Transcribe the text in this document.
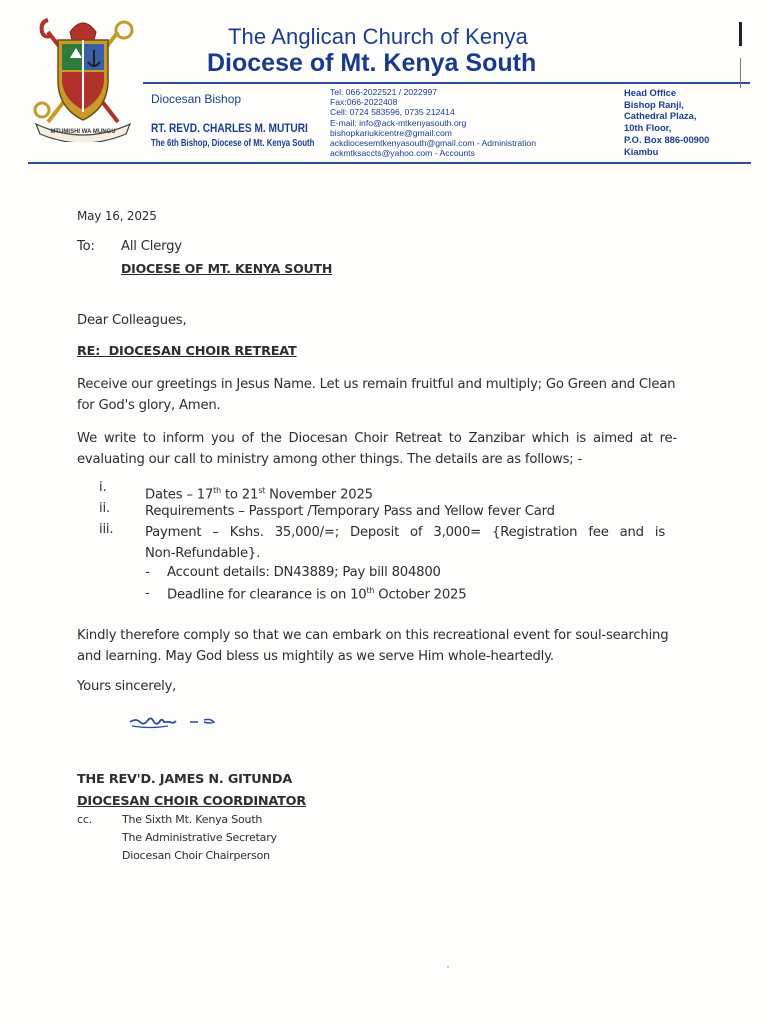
MTUMISHI WA MUNGU
The Anglican Church of Kenya
Diocese of Mt. Kenya South
Diocesan Bishop
RT. REVD. CHARLES M. MUTURI
The 6th Bishop, Diocese of Mt. Kenya South
Tel: 066-2022521 / 2022997
Fax:066-2022408
Cell: 0724 583596, 0735 212414
E-mail: info@ack-mtkenyasouth.org
bishopkariukicentre@gmail.com
ackdiocesemtkenyasouth@gmail.com - Administration
ackmtksaccts@yahoo.com - Accounts
Head Office
Bishop Ranji,
Cathedral Plaza,
10th Floor,
P.O. Box 886-00900
Kiambu
May 16, 2025
To: All Clergy
DIOCESE OF MT. KENYA SOUTH
Dear Colleagues,
RE:  DIOCESAN CHOIR RETREAT
Receive our greetings in Jesus Name. Let us remain fruitful and multiply; Go Green and Clean for God's glory, Amen.
We write to inform you of the Diocesan Choir Retreat to Zanzibar which is aimed at re-evaluating our call to ministry among other things. The details are as follows; -
i.	Dates – 17th to 21st November 2025
ii.	Requirements – Passport /Temporary Pass and Yellow fever Card
iii. Payment  –  Kshs.  35,000/=;  Deposit  of  3,000=  {Registration  fee  and  is  Non-Refundable}.
- Account details: DN43889; Pay bill 804800
- Deadline for clearance is on 10th October 2025
Kindly therefore comply so that we can embark on this recreational event for soul-searching and learning. May God bless us mightily as we serve Him whole-heartedly.
Yours sincerely,
THE REV'D. JAMES N. GITUNDA
DIOCESAN CHOIR COORDINATOR
cc.	The Sixth Mt. Kenya South
The Administrative Secretary
Diocesan Choir Chairperson
